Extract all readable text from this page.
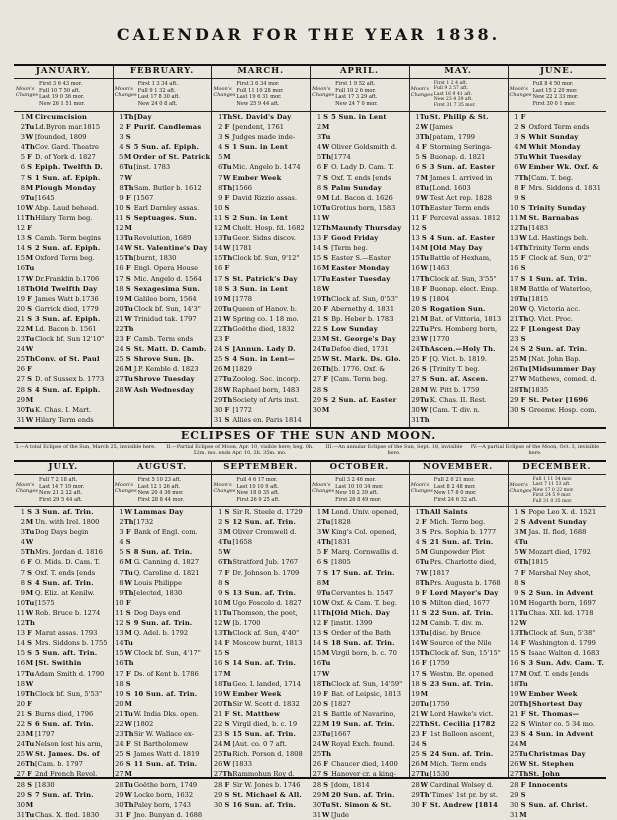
CALENDAR FOR THE YEAR 1838.
ECLIPSES OF THE SUN AND MOON.
I.—A total Eclipse of the Sun, March 25, invisible here.	II.—Partial Eclipse of Moon, Apr. 10, visible here; beg. 0h. 52m. mo. ends Apr. 10, 2h. 35m. mo.
III.—An annular Eclipse of the Sun, Sept. 18, invisible here.
IV.—A partial Eclipse of the Moon, Oct. 3, invisible here.
JANUARY.
Moon's Changes
First 3 6 43 mor.
Full 10 7 50 aft.
Last 19 0 36 mor.
New 26 1 51 mor.
1 M Circumcision
2 Tu Ld.Byron mar.1815
3 W [founded, 1809
4 Th Cov. Gard. Theatre
5 F D. of York d. 1827
6 S Epiph. Twelfth D.
7 S 1 Sun. af. Epiph.
8 M Plough Monday
9 Tu [1645
10 W Abp. Laud behead.
11 Th Hilary Term beg.
12 F
13 S Camb. Term begins
14 S 2 Sun. af. Epiph.
15 M Oxford Term beg.
16 Tu
17 W Dr.Franklin b.1706
18 Th Old Twelfth Day
19 F James Watt b.1736
20 S Garrick died, 1779
21 S 3 Sun. af. Epiph.
22 M Ld. Bacon b. 1561
23 Tu Clock bf. Sun 12'10"
24 W
25 Th Conv. of St. Paul
26 F
27 S D. of Sussex b. 1773
28 S 4 Sun. af. Epiph.
29 M
30 Tu K. Chas. I. Mart.
31 W Hilary Term ends
FEBRUARY.
Moon's Changes
First 1 3 34 aft.
Full 9 1 32 aft.
Last 17 8 30 aft.
New 24 0 8 aft.
1 Th [Day
2 F Purif. Candlemas
3 S
4 S 5 Sun. af. Epiph.
5 M Order of St. Patrick
6 Tu [inst. 1783
7 W
8 Th Sam. Butler b. 1612
9 F [1567
10 S Earl Darnley assas.
11 S Septuages. Sun.
12 M
13 Tu Revolution, 1689
14 W St. Valentine's Day
15 Th [burnt, 1830
16 F Engl. Opera House
17 S Mic. Angelo d. 1564
18 S Sexagesima Sun.
19 M Galileo born, 1564
20 Tu Clock bf. Sun, 14'3"
21 W Trinidad tak. 1797
22 Th
23 F Camb. Term ends
24 S St. Matt. D. Camb.
25 S Shrove Sun. [b.
26 M J.P. Kemble d. 1823
27 Tu Shrove Tuesday
28 W Ash Wednesday
MARCH.
Moon's Changes
First 3 6 34 mor.
Full 11 10 28 mor.
Last 19 6 31 mor.
New 25 9 44 aft.
1 Th St. David's Day
2 F [pendent, 1761
3 S Judges made inde-
4 S 1 Sun. in Lent
5 M
6 Tu Mic. Angelo b. 1474
7 W Ember Week
8 Th [1566
9 F David Rizzio assas.
10 S
11 S 2 Sun. in Lent
12 M Chelt. Hosp. fd. 1682
13 Tu Geor. Sidns discov.
14 W [1781
15 Th Clock bf. Sun, 9'12"
16 F
17 S St. Patrick's Day
18 S 3 Sun. in Lent
19 M [1778
20 Tu Queen of Hanov. b.
21 W Spring co. 1 18 mo.
22 Th Goëthe died, 1832
23 F
24 S [Annun. Lady D.
25 S 4 Sun. in Lent—
26 M [1829
27 Tu Zoolog. Soc. incorp.
28 W Raphael born, 1483
29 Th Society of Arts inst.
30 F [1772
31 S Allies en. Paris 1814
APRIL.
Moon's Changes
First 1 9 52 aft.
Full 10 2 6 mor.
Last 17 3 29 aft.
New 24 7 0 mor.
1 S 5 Sun. in Lent
2 M
3 Tu
4 W Oliver Goldsmith d.
5 Th [1774
6 F O. Lady D. Cam. T.
7 S Oxf. T. ends [ends
8 S Palm Sunday
9 M Ld. Bacon d. 1626
10 Tu Grotius born, 1583
11 W
12 Th Maundy Thursday
13 F Good Friday
14 S [Term beg.
15 S Easter S.—Easter
16 M Easter Monday
17 Tu Easter Tuesday
18 W
19 Th Clock af. Sun, 0'53"
20 F Abernethy d. 1831
21 S Bp. Heber b. 1783
22 S Low Sunday
23 M St. George's Day
24 Tu Defoe died, 1731
25 W St. Mark. Ds. Glo.
26 Th [b. 1776. Oxf. &
27 F [Cam. Term beg.
28 S
29 S 2 Sun. af. Easter
30 M
MAY.
Moon's Changes
First 1 2 4 aft.
Full 9 2 57 aft.
Last 16 9 41 aft.
New 23 4 39 aft.
First 31 7 35 mor.
1 Tu St. Philip & St.
2 W [James
3 Th [patam, 1799
4 F Storming Seringa-
5 S Buonap. d. 1821
6 S 3 Sun. af. Easter
7 M James I. arrived in
8 Tu [Lond. 1603
9 W Test Act rep. 1828
10 Th Easter Term ends
11 F Perceval assas. 1812
12 S
13 S 4 Sun. af. Easter
14 M [Old May Day
15 Tu Battle of Hexham,
16 W [1463
17 Th Clock af. Sun, 3'55"
18 F Buonap. elect. Emp.
19 S [1804
20 S Rogation Sun.
21 M Bat. of Vittoria, 1813
22 Tu Prs. Homberg born,
23 W [1770
24 Th Ascen.—Holy Th.
25 F [Q. Vict. b. 1819.
26 S [Trinity T. beg.
27 S Sun. af. Ascen.
28 M W. Pitt b. 1759
29 Tu K. Chas. II. Rest.
30 W [Cam. T. div. n.
31 Th
JUNE.
Moon's Changes
Full 8 4 50 mor.
Last 15 2 20 mor.
New 22 2 33 mor.
First 30 0 1 mor.
1 F
2 S Oxford Term ends
3 S Whit Sunday
4 M Whit Monday
5 Tu Whit Tuesday
6 W Ember Wk. Oxf. &
7 Th [Cam. T. beg.
8 F Mrs. Siddons d. 1831
9 S
10 S Trinity Sunday
11 M St. Barnabas
12 Tu [1483
13 W Ld. Hastings beh.
14 Th Trinity Term ends
15 F Clock af. Sun, 0'2"
16 S
17 S 1 Sun. af. Trin.
18 M Battle of Waterloo,
19 Tu [1815
20 W Q. Victoria acc.
21 Th Q. Vict. Proc.
22 F [Longest Day
23 S
24 S 2 Sun. af. Trin.
25 M [Nat. John Bap.
26 Tu [Midsummer Day
27 W Mathews, comed. d.
28 Th [1835
29 F St. Peter [1696
30 S Greenw. Hosp. com.
JULY.
Moon's Changes
Full 7 2 18 aft.
Last 14 7 19 mor.
New 21 2 22 aft.
First 29 5 44 aft.
1 S 3 Sun. af. Trin.
2 M Un. with Irel. 1800
3 Tu Dog Days begin
4 W
5 Th Mrs. Jordan d. 1816
6 F O. Mids. D. Cam. T.
7 S Oxf. T. ends [ends
8 S 4 Sun. af. Trin.
9 M Q. Eliz. at Kenilw.
10 Tu [1575
11 W Rob. Bruce b. 1274
12 Th
13 F Marat assas. 1793
14 S Mrs. Siddons b. 1755
15 S 5 Sun. aft. Trin.
16 M [St. Swithin
17 Tu Adam Smith d. 1790
18 W
19 Th Clock bf. Sun, 5'53"
20 F
21 S Burns died, 1796
22 S 6 Sun. af. Trin.
23 M [1797
24 Tu Nelson lost his arm,
25 W St. James. Ds. of
26 Th [Cam. b. 1797
27 F 2nd French Revol.
28 S [1830
29 S 7 Sun. af. Trin.
30 M
31 Tu Chas. X. fled. 1830
AUGUST.
Moon's Changes
First 5 10 23 aft.
Last 12 1 26 aft.
New 20 4 36 mor.
First 28 8 44 mor.
1 W Lammas Day
2 Th [1732
3 F Bank of Engl. com.
4 S
5 S 8 Sun. af. Trin.
6 M G. Canning d. 1827
7 Tu Q. Caroline d. 1821
8 W Louis Philippe
9 Th [elected, 1830
10 F
11 S Dog Days end
12 S 9 Sun. af. Trin.
13 M Q. Adel. b. 1792
14 Tu
15 W Clock bf. Sun, 4'17"
16 Th
17 F Ds. of Kent b. 1786
18 S
19 S 10 Sun. af. Trin.
20 M
21 Tu W. India Dks. open.
22 W [1802
23 Th Sir W. Wallace ex-
24 F St Bartholomew
25 S James Watt d. 1819
26 S 11 Sun. af. Trin.
27 M
28 Tu Goëthe born, 1749
29 W Locke born, 1632
30 Th Paley born, 1743
31 F Jno. Bunyan d. 1688
SEPTEMBER.
Moon's Changes
Full 4 6 17 mor.
Last 10 10 9 aft.
New 18 8 35 aft.
First 26 9 25 aft.
1 S Sir R. Steele d. 1729
2 S 12 Sun. af. Trin.
3 M Oliver Cromwell d.
4 Tu [1658
5 W
6 Th Stratford Jub. 1767
7 F Dr. Johnson b. 1709
8 S
9 S 13 Sun. af. Trin.
10 M Ugo Foscolo d. 1827
11 Tu Thomson, the poet,
12 W [b. 1700
13 Th Clock af. Sun, 4'40"
14 F Moscow burnt, 1813
15 S
16 S 14 Sun. af. Trin.
17 M
18 Tu Geo. I. landed, 1714
19 W Ember Week
20 Th Sir W. Scott d. 1832
21 F St. Matthew
22 S Virgil died, b. c. 19
23 S 15 Sun. af. Trin.
24 M [Aut. co. 0 7 aft.
25 Tu Rich. Porson d. 1808
26 W [1833
27 Th Rammohun Roy d.
28 F Sir W. Jones b. 1746
29 S St. Michael & All.
30 S 16 Sun. af. Trin.
OCTOBER.
Moon's Changes
Full 3 2 46 mor.
Last 10 10 34 mor.
New 18 2 39 aft.
First 26 8 49 mor.
1 M Lond. Univ. opened,
2 Tu [1828
3 W King's Col. opened,
4 Th [1831
5 F Marq. Cornwallis d.
6 S [1805
7 S 17 Sun. af. Trin.
8 M
9 Tu Cervantes b. 1547
10 W Oxf. & Cam. T. beg.
11 Th [Old Mich. Day
12 F [instit. 1399
13 S Order of the Bath
14 S 18 Sun. af. Trin.
15 M Virgil born, b. c. 70
16 Tu
17 W
18 Th Clock af. Sun, 14'59"
19 F Bat. of Leipsic, 1813
20 S [1827
21 S Battle of Navarino,
22 M 19 Sun. af. Trin.
23 Tu [1667
24 W Royal Exch. found.
25 Th
26 F Chaucer died, 1400
27 S Hanover cr. a king-
28 S [dom, 1814
29 M 20 Sun. af. Trin.
30 Tu St. Simon & St.
31 W [Jude
NOVEMBER.
Moon's Changes
Full 2 0 21 mor.
Last 8 2 48 mor.
New 17 8 0 mor.
First 24 6 32 aft.
1 Th All Saints
2 F Mich. Term beg.
3 S Prs. Sophia b. 1777
4 S 21 Sun. af. Trin.
5 M Gunpowder Plot
6 Tu Prs. Charlotte died,
7 W [1817
8 Th Prs. Augusta b. 1768
9 F Lord Mayor's Day
10 S Milton died, 1677
11 S 22 Sun. af. Trin.
12 M Camb. T. div. m.
13 Tu [disc. by Bruce
14 W Source of the Nile
15 Th Clock af. Sun, 15'15"
16 F [1759
17 S Westm. Br. opened
18 S 23 Sun. af. Trin.
19 M
20 Tu [1759
21 W Lord Hawke's vict.
22 Th St. Cecilia [1782
23 F 1st Balloon ascent,
24 S
25 S 24 Sun. af. Trin.
26 M Mich. Term ends
27 Tu [1530
28 W Cardinal Wolsey d.
29 Th 'Times' 1st pr. by st.
30 F St. Andrew [1814
DECEMBER.
Moon's Changes
Full 1 11 34 mor.
Last 7 11 53 aft.
New 17 0 22 mor.
First 24 5 9 mor.
Full 31 0 35 mor.
1 S Pope Leo X. d. 1521
2 S Advent Sunday
3 M Jas. II. fled, 1688
4 Tu
5 W Mozart died, 1792
6 Th [1815
7 F Marshal Ney shot,
8 S
9 S 2 Sun. in Advent
10 M Hogarth born, 1697
11 Tu Chas. XII. kd. 1718
12 W
13 Th Clock af. Sun, 5'38"
14 F Washington d. 1799
15 S Isaac Walton d. 1683
16 S 3 Sun. Adv. Cam. T.
17 M Oxf. T. ends [ends
18 Tu
19 W Ember Week
20 Th [Shortest Day
21 F St. Thomas—
22 S Winter co. 5 34 mo.
23 S 4 Sun. in Advent
24 M
25 Tu Christmas Day
26 W St. Stephen
27 Th St. John
28 F Innocents
29 S
30 S Sun. af. Christ.
31 M
